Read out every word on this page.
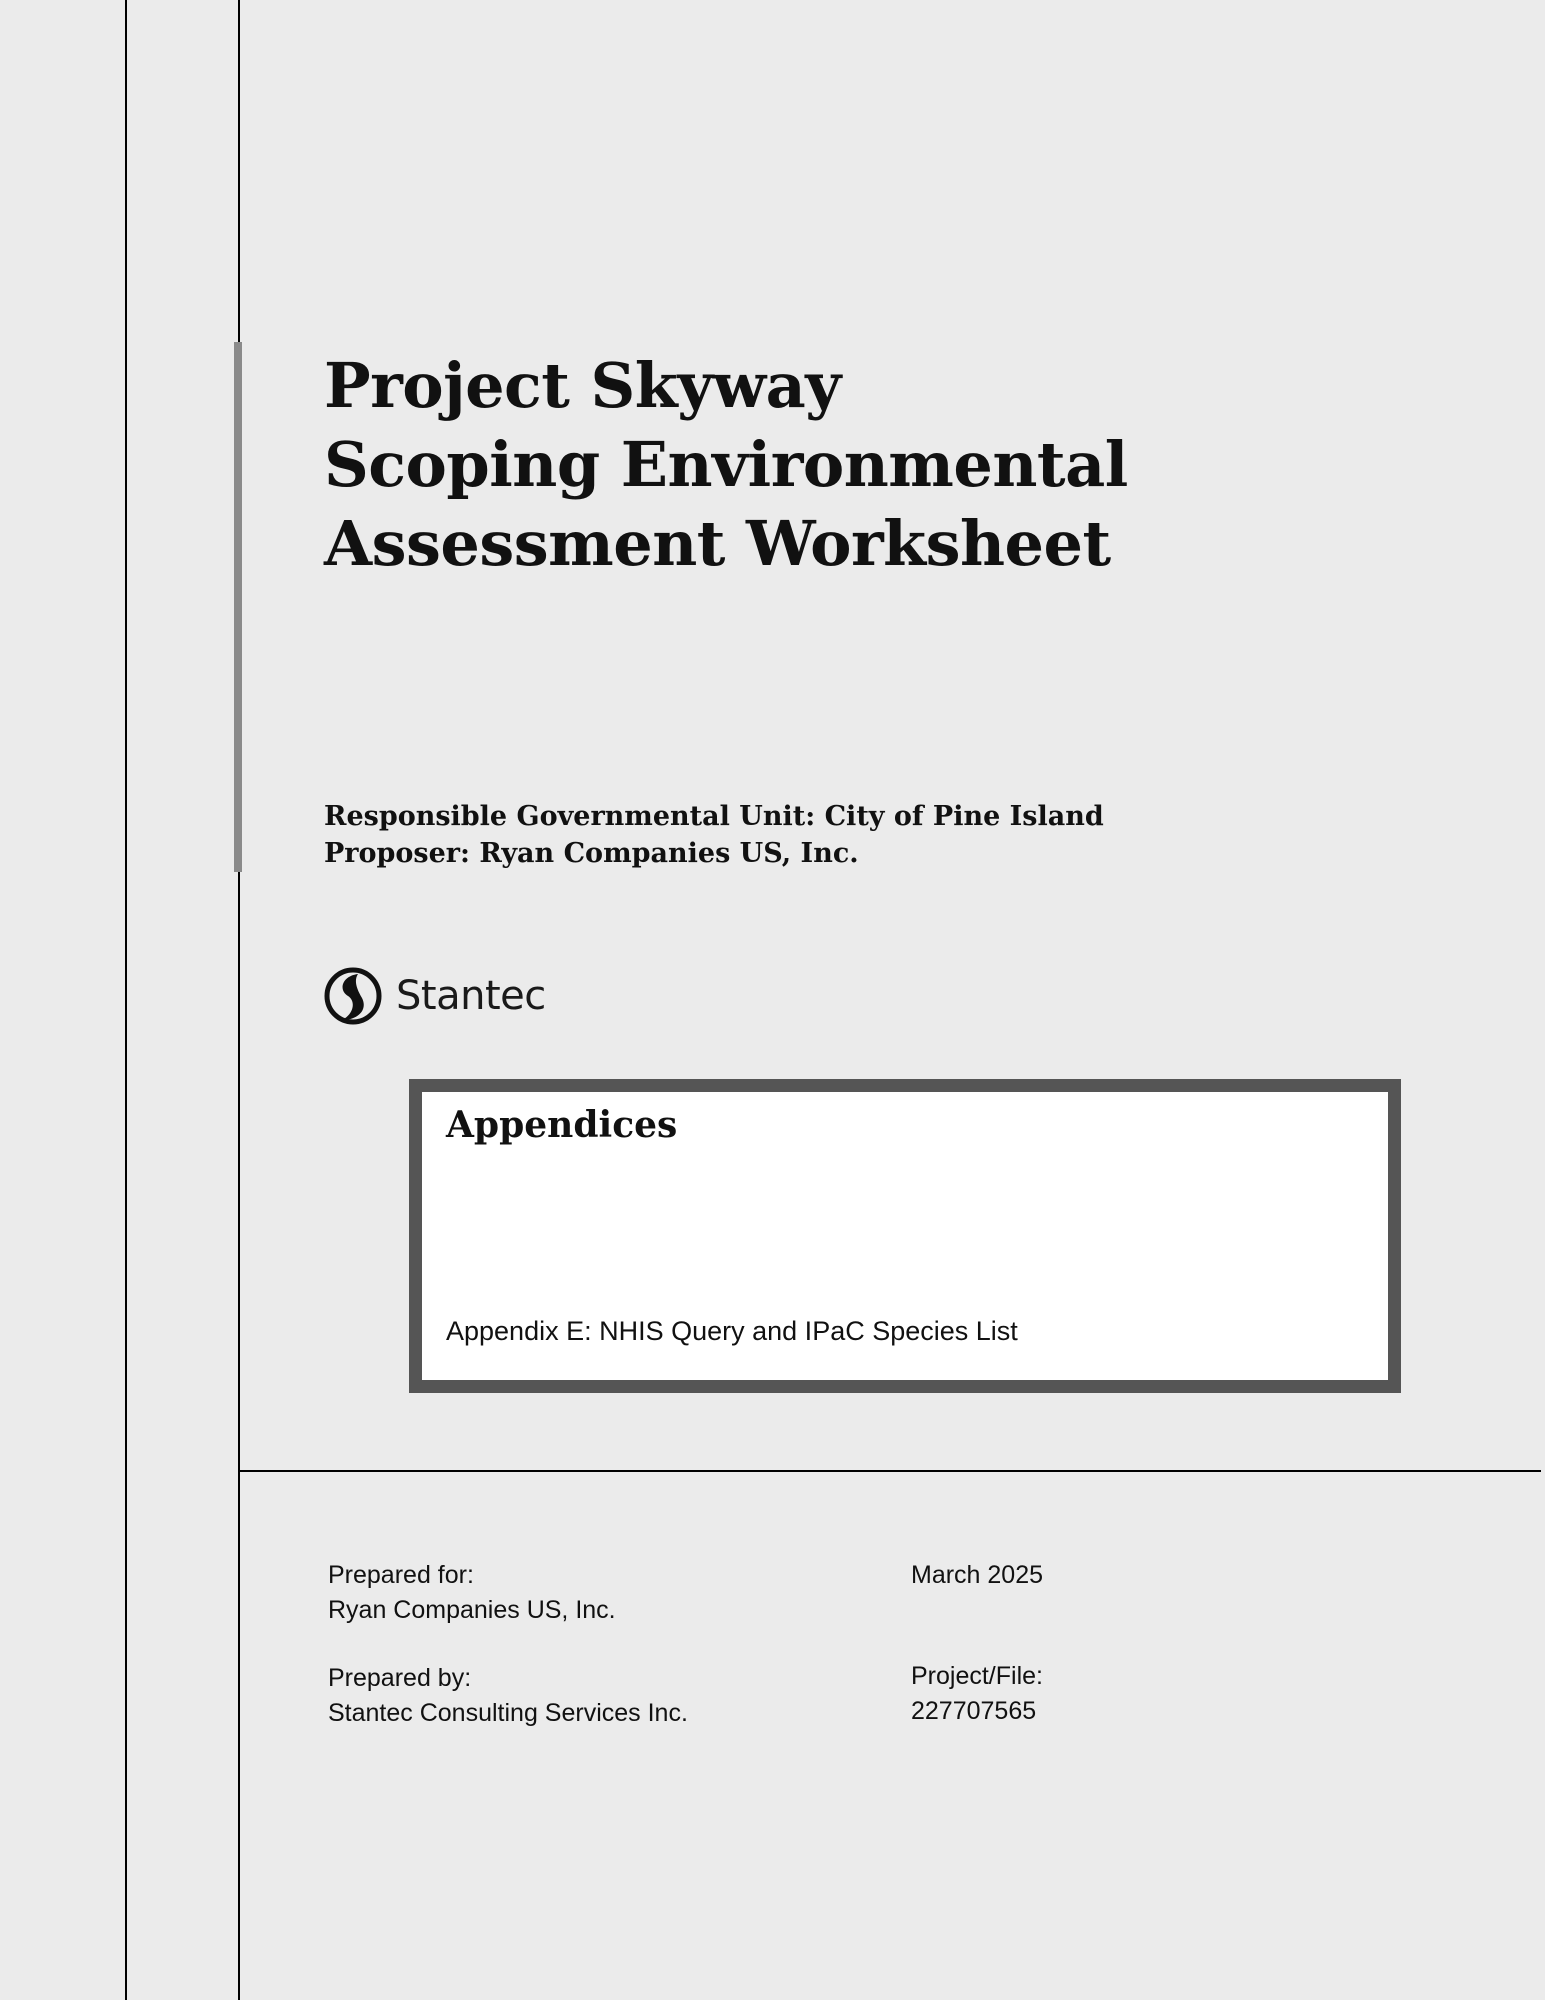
Project Skyway
Scoping Environmental
Assessment Worksheet
Responsible Governmental Unit: City of Pine Island
Proposer: Ryan Companies US, Inc.
Stantec
Appendices
Appendix E: NHIS Query and IPaC Species List
Prepared for:
Ryan Companies US, Inc.
Prepared by:
Stantec Consulting Services Inc.
March 2025
Project/File:
227707565
